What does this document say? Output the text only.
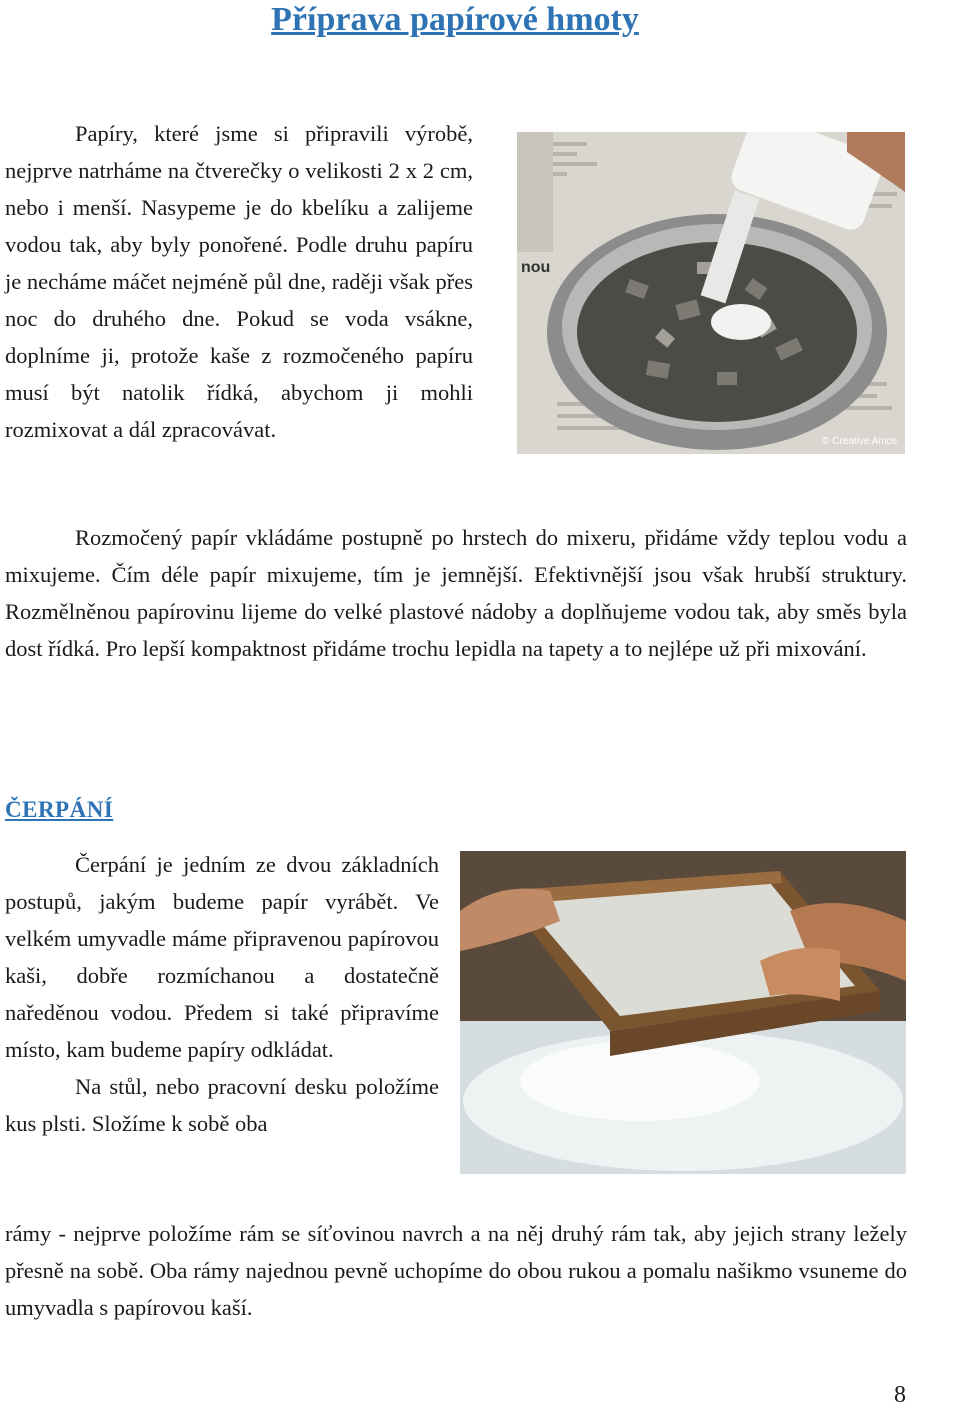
Příprava papírové hmoty

Papíry, které jsme si připravili výrobě, nejprve natrháme na čtverečky o velikosti 2 x 2 cm, nebo i menší. Nasypeme je do kbelíku a zalijeme vodou tak, aby byly ponořené. Podle druhu papíru je necháme máčet nejméně půl dne, raději však přes noc do druhého dne. Pokud se voda vsákne, doplníme ji, protože kaše z rozmočeného papíru musí být natolik řídká, abychom ji mohli rozmixovat a dál zpracovávat.

nou
© Creative Amos

Rozmočený papír vkládáme postupně po hrstech do mixeru, přidáme vždy teplou vodu a mixujeme. Čím déle papír mixujeme, tím je jemnější. Efektivnější jsou však hrubší struktury. Rozmělněnou papírovinu lijeme do velké plastové nádoby a doplňujeme vodou tak, aby směs byla dost řídká. Pro lepší kompaktnost přidáme trochu lepidla na tapety a to nejlépe už při mixování.

ČERPÁNÍ

Čerpání je jedním ze dvou základních postupů, jakým budeme papír vyrábět. Ve velkém umyvadle máme připravenou papírovou kaši, dobře rozmíchanou a dostatečně naředěnou vodou. Předem si také připravíme místo, kam budeme papíry odkládat.

Na stůl, nebo pracovní desku položíme kus plsti. Složíme k sobě oba

rámy - nejprve položíme rám se síťovinou navrch a na něj druhý rám tak, aby jejich strany ležely přesně na sobě. Oba rámy najednou pevně uchopíme do obou rukou a pomalu našikmo vsuneme do umyvadla s papírovou kaší.

8
